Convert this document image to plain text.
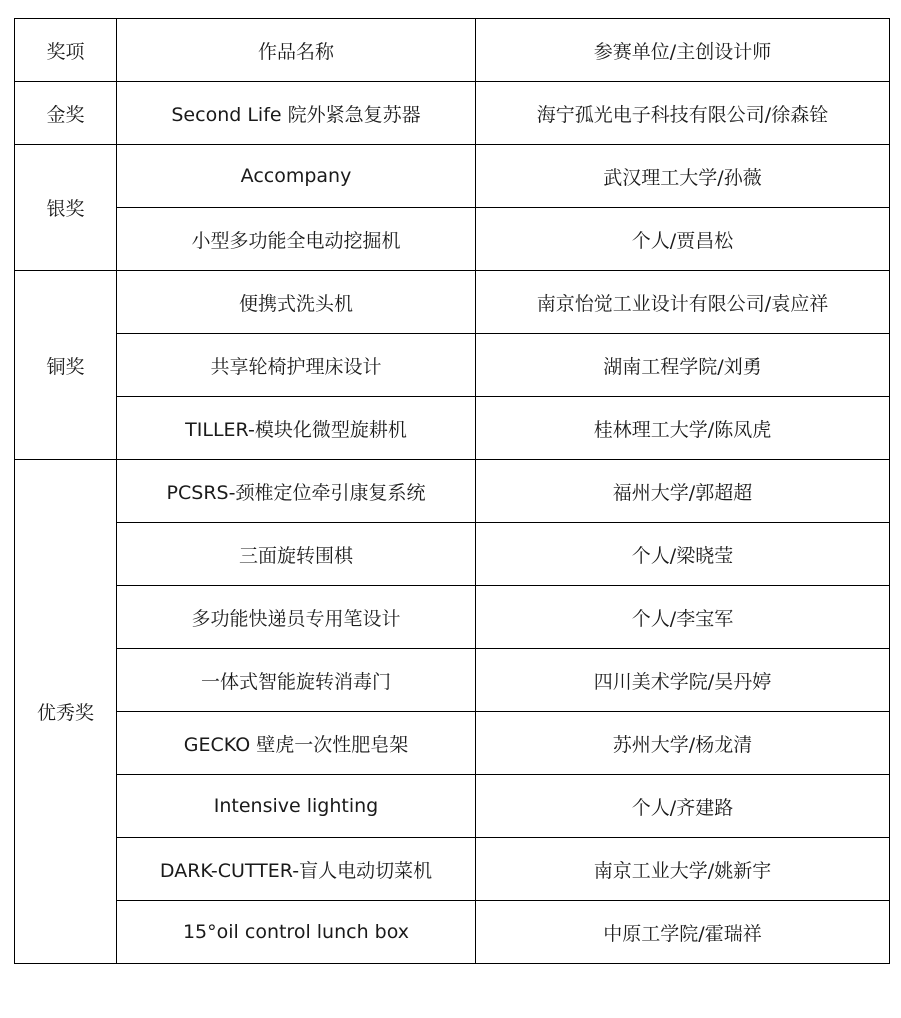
奖项	作品名称	参赛单位/主创设计师
金奖	Second Life 院外紧急复苏器	海宁孤光电子科技有限公司/徐森铨
银奖	Accompany	武汉理工大学/孙薇
	小型多功能全电动挖掘机	个人/贾昌松
铜奖	便携式洗头机	南京怡觉工业设计有限公司/袁应祥
	共享轮椅护理床设计	湖南工程学院/刘勇
	TILLER-模块化微型旋耕机	桂林理工大学/陈凤虎
优秀奖	PCSRS-颈椎定位牵引康复系统	福州大学/郭超超
	三面旋转围棋	个人/梁晓莹
	多功能快递员专用笔设计	个人/李宝军
	一体式智能旋转消毒门	四川美术学院/吴丹婷
	GECKO 壁虎一次性肥皂架	苏州大学/杨龙清
	Intensive lighting	个人/齐建路
	DARK-CUTTER-盲人电动切菜机	南京工业大学/姚新宇
	15°oil control lunch box	中原工学院/霍瑞祥
